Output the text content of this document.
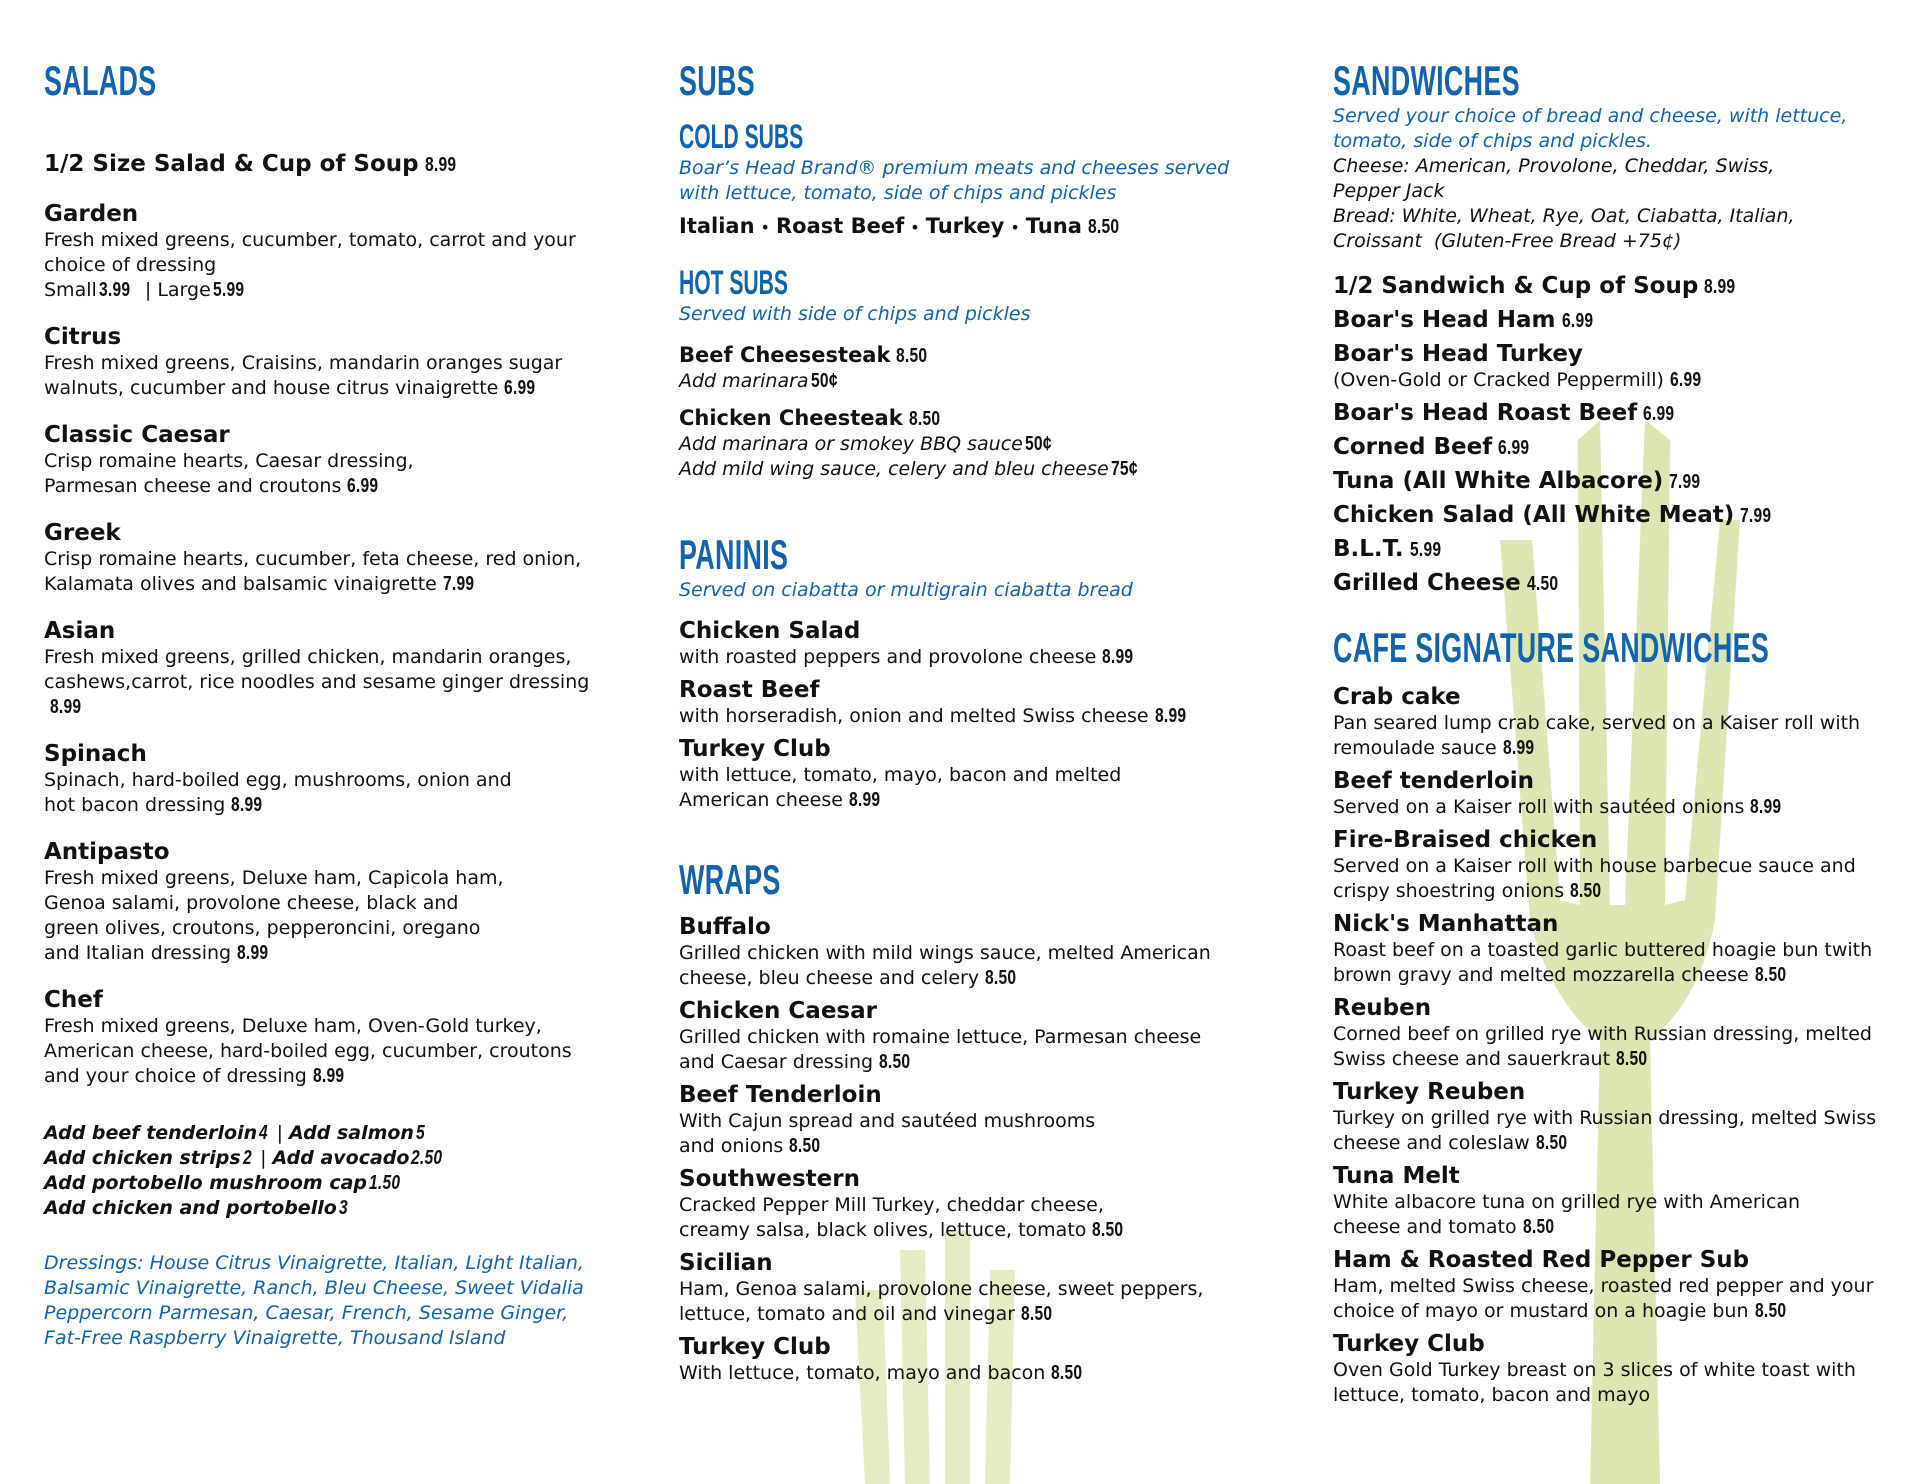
SALADS
1/2 Size Salad & Cup of Soup 8.99
Garden
Fresh mixed greens, cucumber, tomato, carrot and your choice of dressing
Small 3.99 | Large 5.99
Citrus
Fresh mixed greens, Craisins, mandarin oranges sugar walnuts, cucumber and house citrus vinaigrette 6.99
Classic Caesar
Crisp romaine hearts, Caesar dressing, Parmesan cheese and croutons 6.99
Greek
Crisp romaine hearts, cucumber, feta cheese, red onion, Kalamata olives and balsamic vinaigrette 7.99
Asian
Fresh mixed greens, grilled chicken, mandarin oranges, cashews,carrot, rice noodles and sesame ginger dressing8.99
Spinach
Spinach, hard-boiled egg, mushrooms, onion and hot bacon dressing 8.99
Antipasto
Fresh mixed greens, Deluxe ham, Capicola ham, Genoa salami, provolone cheese, black and green olives, croutons, pepperoncini, oregano and Italian dressing 8.99
Chef
Fresh mixed greens, Deluxe ham, Oven-Gold turkey, American cheese, hard-boiled egg, cucumber, croutons and your choice of dressing 8.99
Add beef tenderloin 4 | Add salmon 5
Add chicken strips 2 | Add avocado 2.50
Add portobello mushroom cap 1.50
Add chicken and portobello 3
Dressings: House Citrus Vinaigrette, Italian, Light Italian, Balsamic Vinaigrette, Ranch, Bleu Cheese, Sweet Vidalia Peppercorn Parmesan, Caesar, French, Sesame Ginger, Fat-Free Raspberry Vinaigrette, Thousand Island
SUBS
COLD SUBS
Boar’s Head Brand® premium meats and cheeses served with lettuce, tomato, side of chips and pickles
Italian • Roast Beef • Turkey • Tuna 8.50
HOT SUBS
Served with side of chips and pickles
Beef Cheesesteak 8.50
Add marinara 50¢
Chicken Cheesteak 8.50
Add marinara or smokey BBQ sauce 50¢
Add mild wing sauce, celery and bleu cheese 75¢
PANINIS
Served on ciabatta or multigrain ciabatta bread
Chicken Salad
with roasted peppers and provolone cheese 8.99
Roast Beef
with horseradish, onion and melted Swiss cheese 8.99
Turkey Club
with lettuce, tomato, mayo, bacon and melted American cheese 8.99
WRAPS
Buffalo
Grilled chicken with mild wings sauce, melted American cheese, bleu cheese and celery 8.50
Chicken Caesar
Grilled chicken with romaine lettuce, Parmesan cheese and Caesar dressing 8.50
Beef Tenderloin
With Cajun spread and sautéed mushrooms and onions 8.50
Southwestern
Cracked Pepper Mill Turkey, cheddar cheese, creamy salsa, black olives, lettuce, tomato 8.50
Sicilian
Ham, Genoa salami, provolone cheese, sweet peppers, lettuce, tomato and oil and vinegar 8.50
Turkey Club
With lettuce, tomato, mayo and bacon 8.50
SANDWICHES
Served your choice of bread and cheese, with lettuce, tomato, side of chips and pickles.
Cheese: American, Provolone, Cheddar, Swiss, Pepper Jack
Bread: White, Wheat, Rye, Oat, Ciabatta, Italian, Croissant (Gluten-Free Bread +75¢)
1/2 Sandwich & Cup of Soup 8.99
Boar's Head Ham 6.99
Boar's Head Turkey
(Oven-Gold or Cracked Peppermill) 6.99
Boar's Head Roast Beef 6.99
Corned Beef 6.99
Tuna (All White Albacore) 7.99
Chicken Salad (All White Meat) 7.99
B.L.T. 5.99
Grilled Cheese 4.50
CAFE SIGNATURE SANDWICHES
Crab cake
Pan seared lump crab cake, served on a Kaiser roll with remoulade sauce 8.99
Beef tenderloin
Served on a Kaiser roll with sautéed onions 8.99
Fire-Braised chicken
Served on a Kaiser roll with house barbecue sauce and crispy shoestring onions 8.50
Nick's Manhattan
Roast beef on a toasted garlic buttered hoagie bun twith brown gravy and melted mozzarella cheese 8.50
Reuben
Corned beef on grilled rye with Russian dressing, melted Swiss cheese and sauerkraut 8.50
Turkey Reuben
Turkey on grilled rye with Russian dressing, melted Swiss cheese and coleslaw 8.50
Tuna Melt
White albacore tuna on grilled rye with American cheese and tomato 8.50
Ham & Roasted Red Pepper Sub
Ham, melted Swiss cheese, roasted red pepper and your choice of mayo or mustard on a hoagie bun 8.50
Turkey Club
Oven Gold Turkey breast on 3 slices of white toast with lettuce, tomato, bacon and mayo
